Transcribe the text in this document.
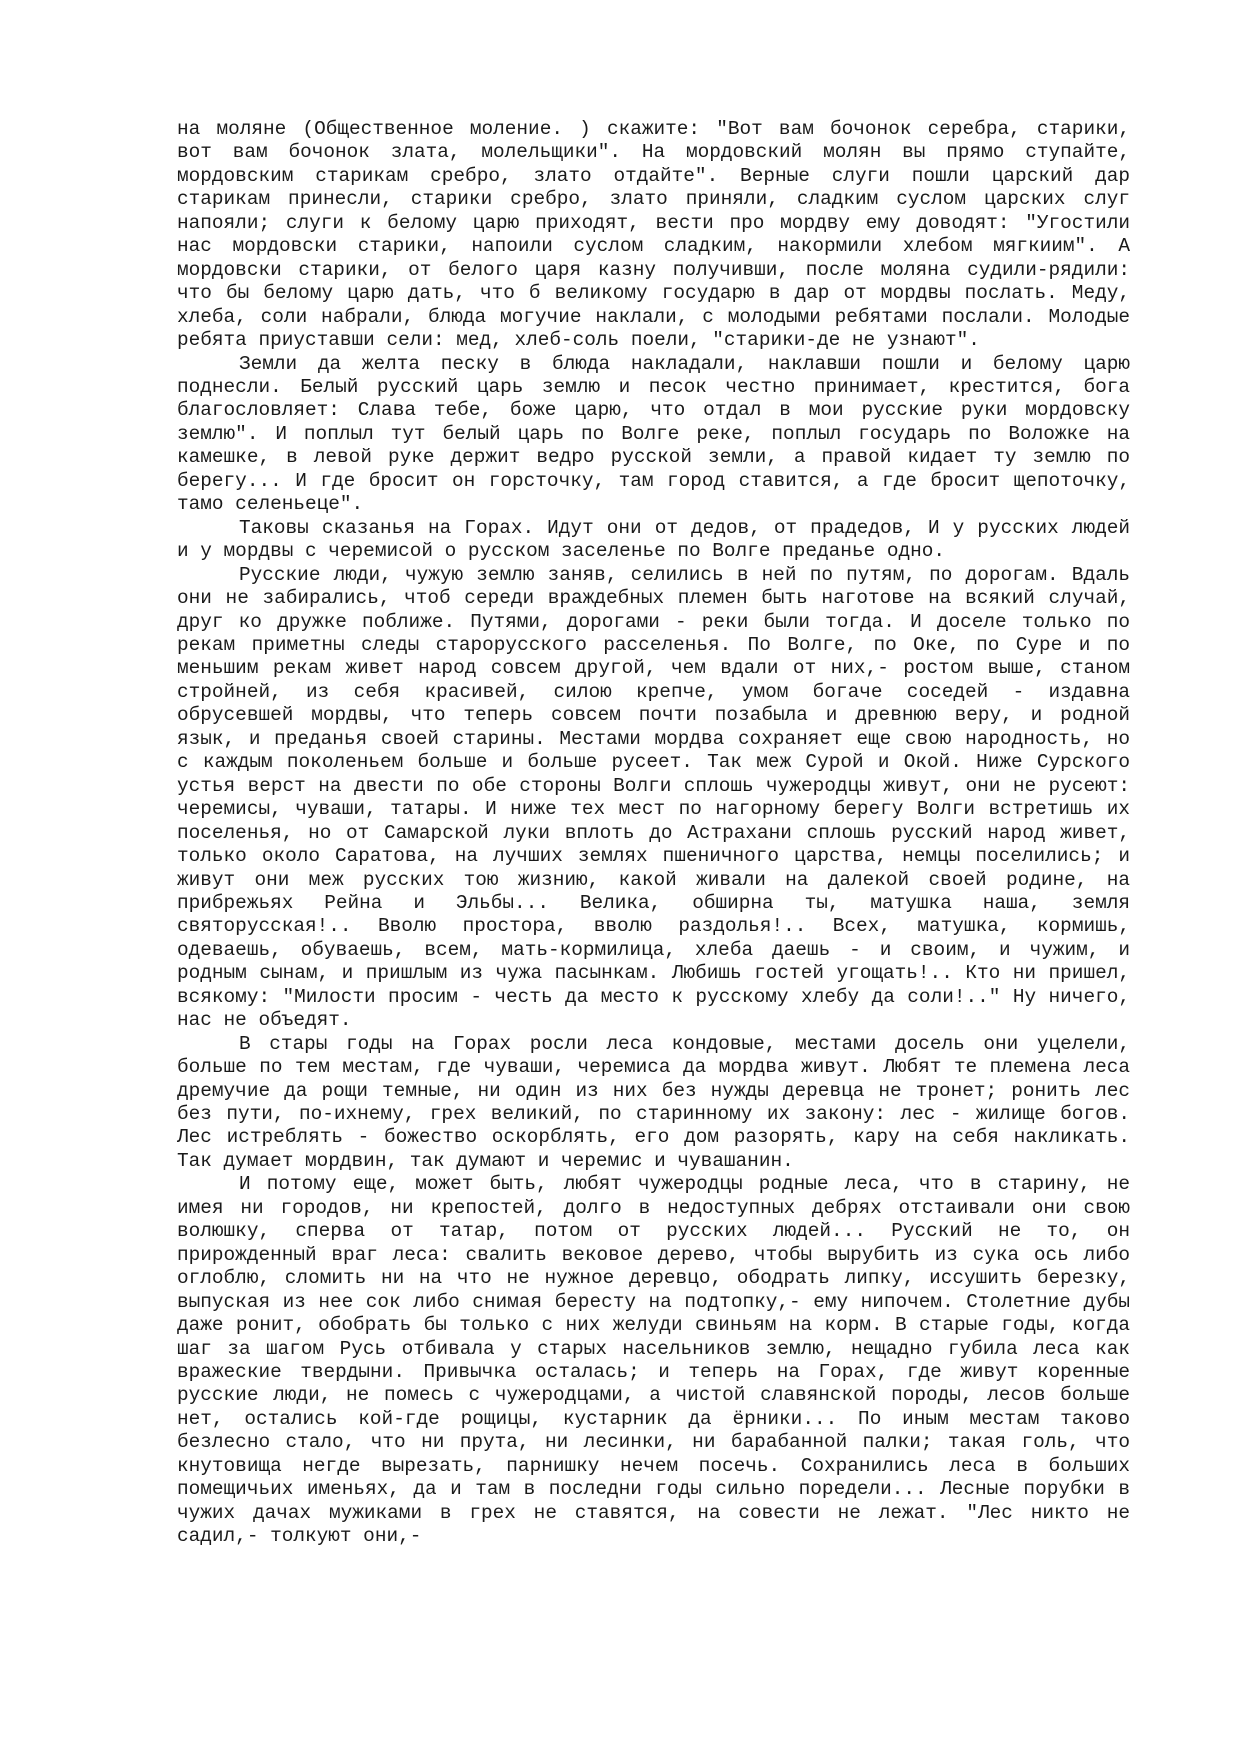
на моляне (Общественное моление. ) скажите: "Вот вам бочонок серебра, старики, вот вам бочонок злата, молельщики". На мордовский молян вы прямо ступайте, мордовским старикам сребро, злато отдайте". Верные слуги пошли царский дар старикам принесли, старики сребро, злато приняли, сладким суслом царских слуг напояли; слуги к белому царю приходят, вести про мордву ему доводят: "Угостили нас мордовски старики, напоили суслом сладким, накормили хлебом мягкиим". А мордовски старики, от белого царя казну получивши, после моляна судили-рядили: что бы белому царю дать, что б великому государю в дар от мордвы послать. Меду, хлеба, соли набрали, блюда могучие наклали, с молодыми ребятами послали. Молодые ребята приуставши сели: мед, хлеб-соль поели, "старики-де не узнают".

Земли да желта песку в блюда накладали, наклавши пошли и белому царю поднесли. Белый русский царь землю и песок честно принимает, крестится, бога благословляет: Слава тебе, боже царю, что отдал в мои русские руки мордовску землю". И поплыл тут белый царь по Волге реке, поплыл государь по Воложке на камешке, в левой руке держит ведро русской земли, а правой кидает ту землю по берегу... И где бросит он горсточку, там город ставится, а где бросит щепоточку, тамо селеньеце".

Таковы сказанья на Горах. Идут они от дедов, от прадедов, И у русских людей и у мордвы с черемисой о русском заселенье по Волге преданье одно.

Русские люди, чужую землю заняв, селились в ней по путям, по дорогам. Вдаль они не забирались, чтоб середи враждебных племен быть наготове на всякий случай, друг ко дружке поближе. Путями, дорогами - реки были тогда. И доселе только по рекам приметны следы старорусского расселенья. По Волге, по Оке, по Суре и по меньшим рекам живет народ совсем другой, чем вдали от них,- ростом выше, станом стройней, из себя красивей, силою крепче, умом богаче соседей - издавна обрусевшей мордвы, что теперь совсем почти позабыла и древнюю веру, и родной язык, и преданья своей старины. Местами мордва сохраняет еще свою народность, но с каждым поколеньем больше и больше русеет. Так меж Сурой и Окой. Ниже Сурского устья верст на двести по обе стороны Волги сплошь чужеродцы живут, они не русеют: черемисы, чуваши, татары. И ниже тех мест по нагорному берегу Волги встретишь их поселенья, но от Самарской луки вплоть до Астрахани сплошь русский народ живет, только около Саратова, на лучших землях пшеничного царства, немцы поселились; и живут они меж русских тою жизнию, какой живали на далекой своей родине, на прибрежьях Рейна и Эльбы... Велика, обширна ты, матушка наша, земля святорусская!.. Вволю простора, вволю раздолья!.. Всех, матушка, кормишь, одеваешь, обуваешь, всем, мать-кормилица, хлеба даешь - и своим, и чужим, и родным сынам, и пришлым из чужа пасынкам. Любишь гостей угощать!.. Кто ни пришел, всякому: "Милости просим - честь да место к русскому хлебу да соли!.." Ну ничего, нас не объедят.

В стары годы на Горах росли леса кондовые, местами досель они уцелели, больше по тем местам, где чуваши, черемиса да мордва живут. Любят те племена леса дремучие да рощи темные, ни один из них без нужды деревца не тронет; ронить лес без пути, по-ихнему, грех великий, по старинному их закону: лес - жилище богов. Лес истреблять - божество оскорблять, его дом разорять, кару на себя накликать. Так думает мордвин, так думают и черемис и чувашанин.

И потому еще, может быть, любят чужеродцы родные леса, что в старину, не имея ни городов, ни крепостей, долго в недоступных дебрях отстаивали они свою волюшку, сперва от татар, потом от русских людей... Русский не то, он прирожденный враг леса: свалить вековое дерево, чтобы вырубить из сука ось либо оглоблю, сломить ни на что не нужное деревцо, ободрать липку, иссушить березку, выпуская из нее сок либо снимая бересту на подтопку,- ему нипочем. Столетние дубы даже ронит, обобрать бы только с них желуди свиньям на корм. В старые годы, когда шаг за шагом Русь отбивала у старых насельников землю, нещадно губила леса как вражеские твердыни. Привычка осталась; и теперь на Горах, где живут коренные русские люди, не помесь с чужеродцами, а чистой славянской породы, лесов больше нет, остались кой-где рощицы, кустарник да ёрники... По иным местам таково безлесно стало, что ни прута, ни лесинки, ни барабанной палки; такая голь, что кнутовища негде вырезать, парнишку нечем посечь. Сохранились леса в больших помещичьих именьях, да и там в последни годы сильно поредели... Лесные порубки в чужих дачах мужиками в грех не ставятся, на совести не лежат. "Лес никто не садил,- толкуют они,-
